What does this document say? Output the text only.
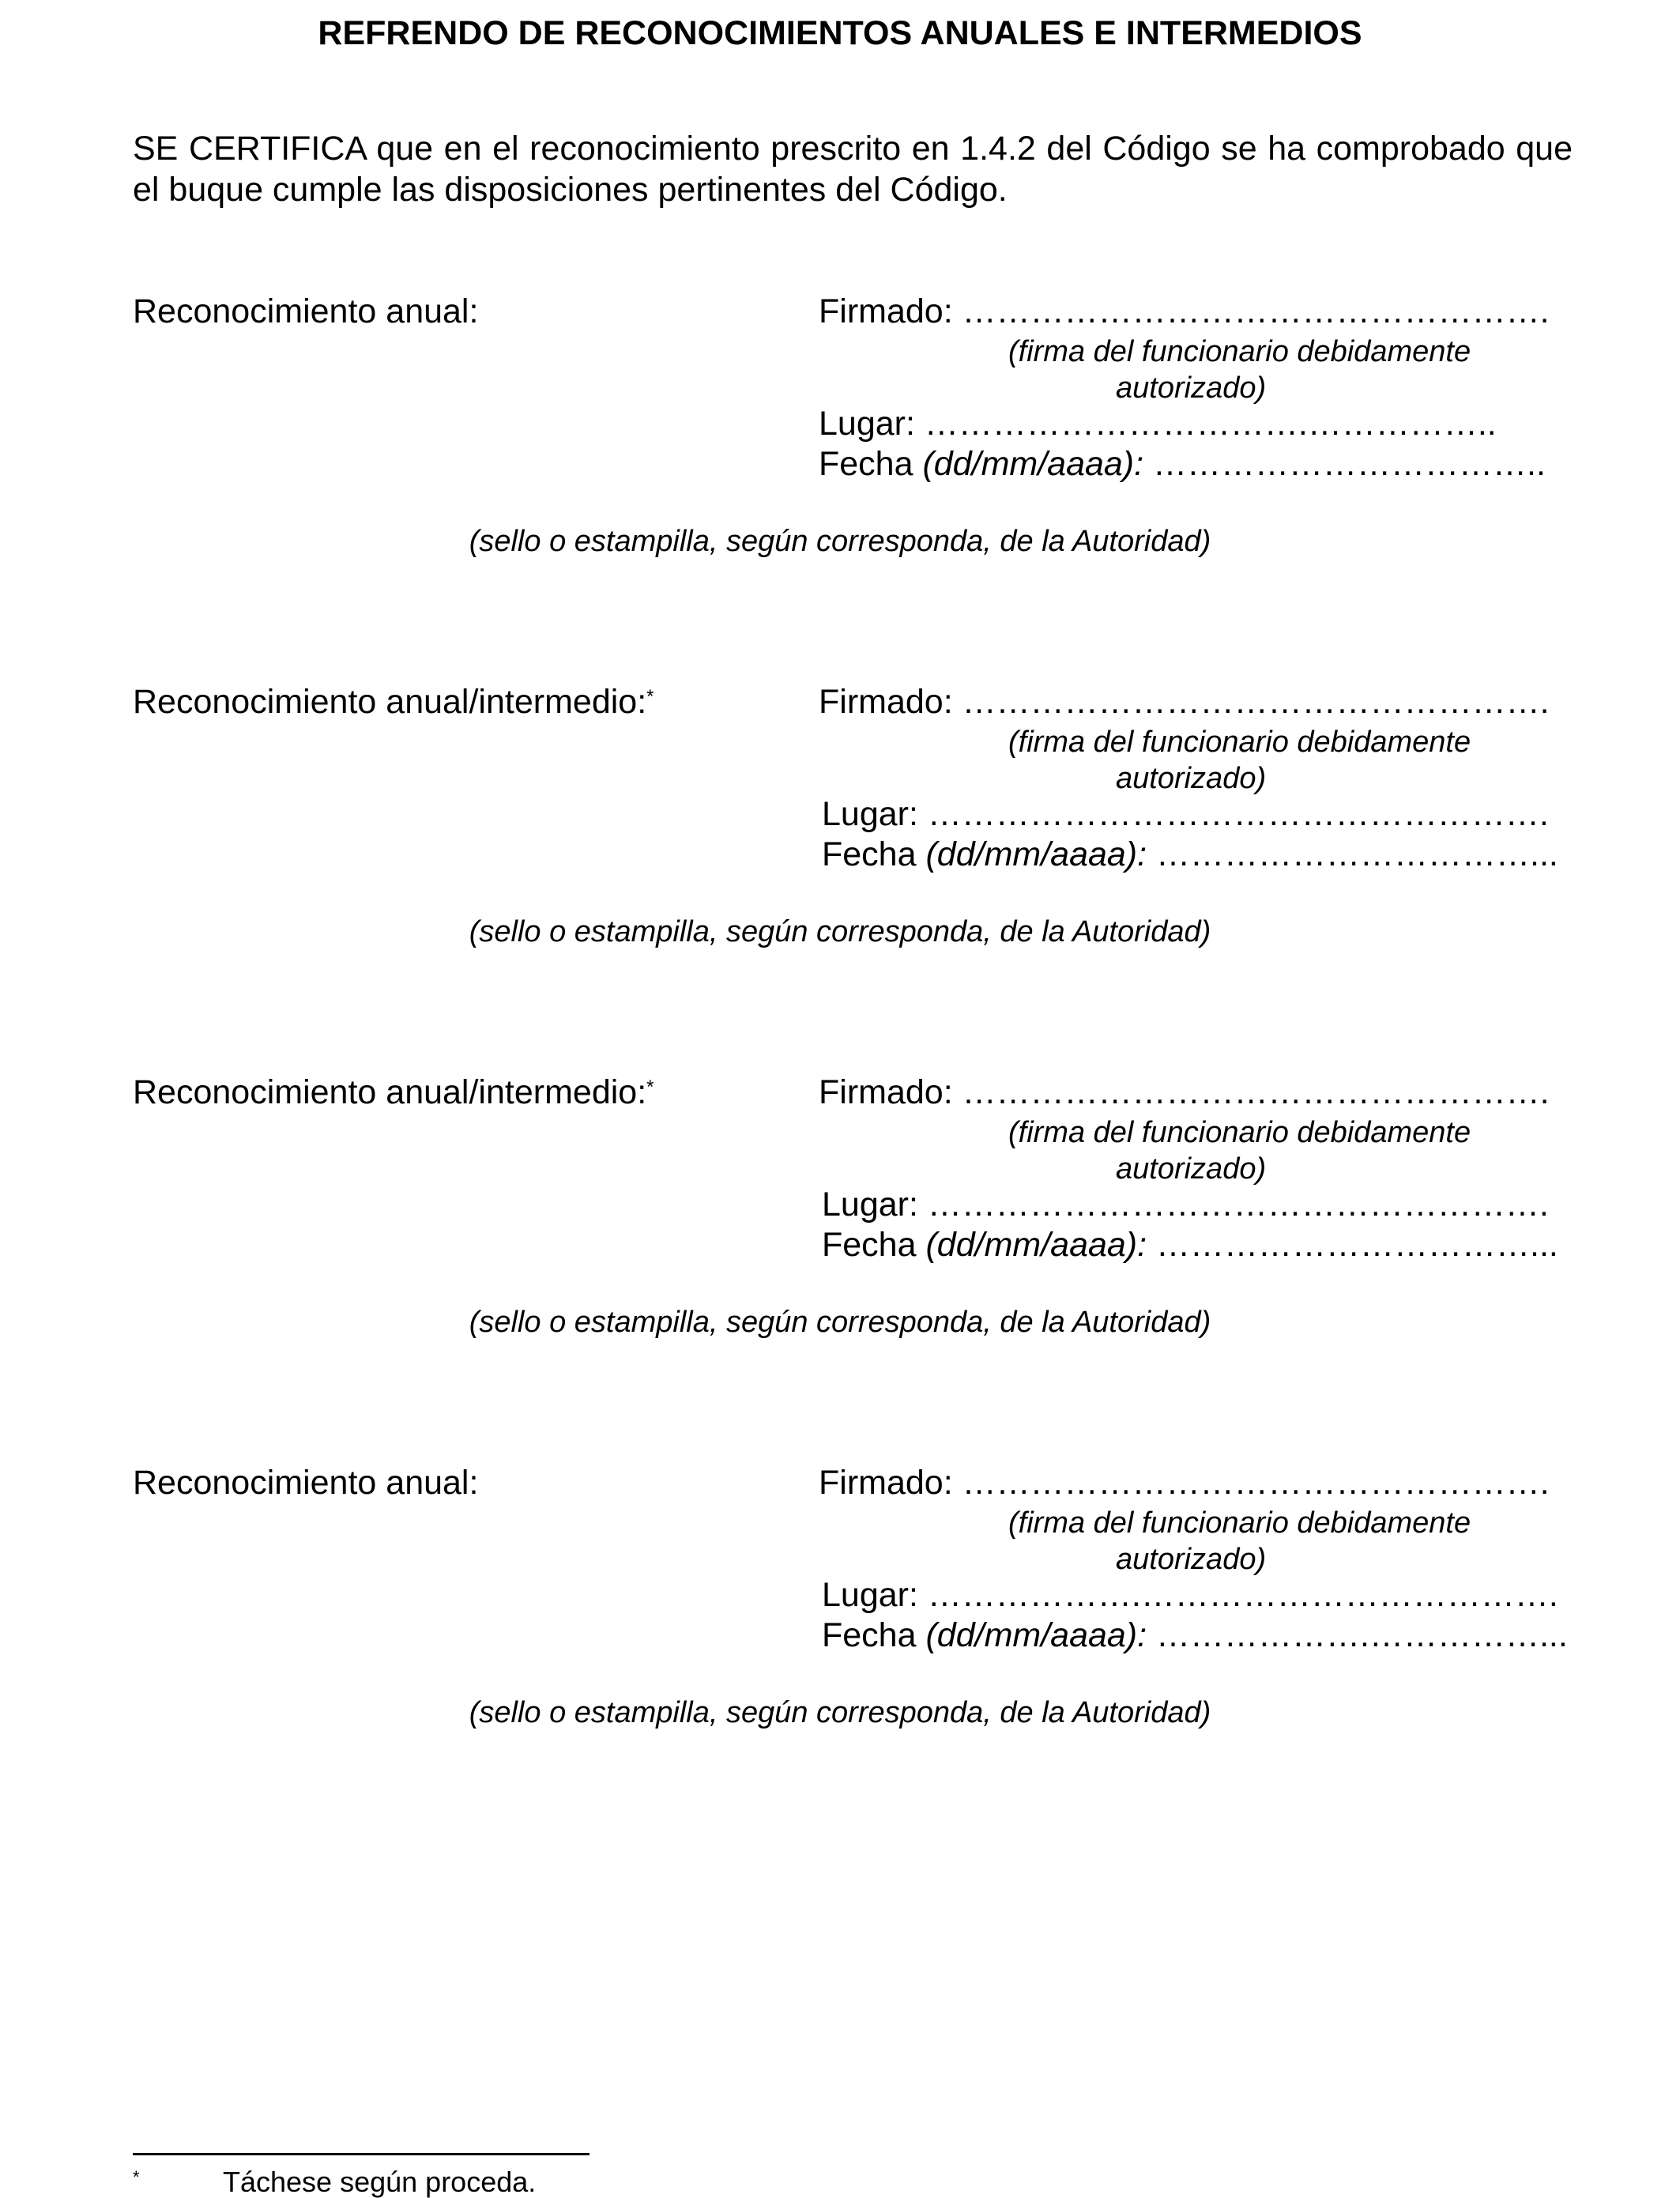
REFRENDO DE RECONOCIMIENTOS ANUALES E INTERMEDIOS
SE CERTIFICA que en el reconocimiento prescrito en 1.4.2 del Código se ha comprobado que el buque cumple las disposiciones pertinentes del Código.
Reconocimiento anual:	Firmado: …………………………………………….
(firma del funcionario debidamente
autorizado)
Lugar: …………………………….……………..
Fecha (dd/mm/aaaa): ……………………………..
(sello o estampilla, según corresponda, de la Autoridad)
Reconocimiento anual/intermedio:*	Firmado: …………………………………………….
(firma del funcionario debidamente
autorizado)
Lugar: ……………………………………………….
Fecha (dd/mm/aaaa): ……………………………...
(sello o estampilla, según corresponda, de la Autoridad)
Reconocimiento anual/intermedio:*	Firmado: …………………………………………….
(firma del funcionario debidamente
autorizado)
Lugar: ……………………………………………….
Fecha (dd/mm/aaaa): ……………………………...
(sello o estampilla, según corresponda, de la Autoridad)
Reconocimiento anual:	Firmado: …………………………………………….
(firma del funcionario debidamente
autorizado)
Lugar: ……………….……………………………….
Fecha (dd/mm/aaaa): ……………….……………...
(sello o estampilla, según corresponda, de la Autoridad)
*	Táchese según proceda.
